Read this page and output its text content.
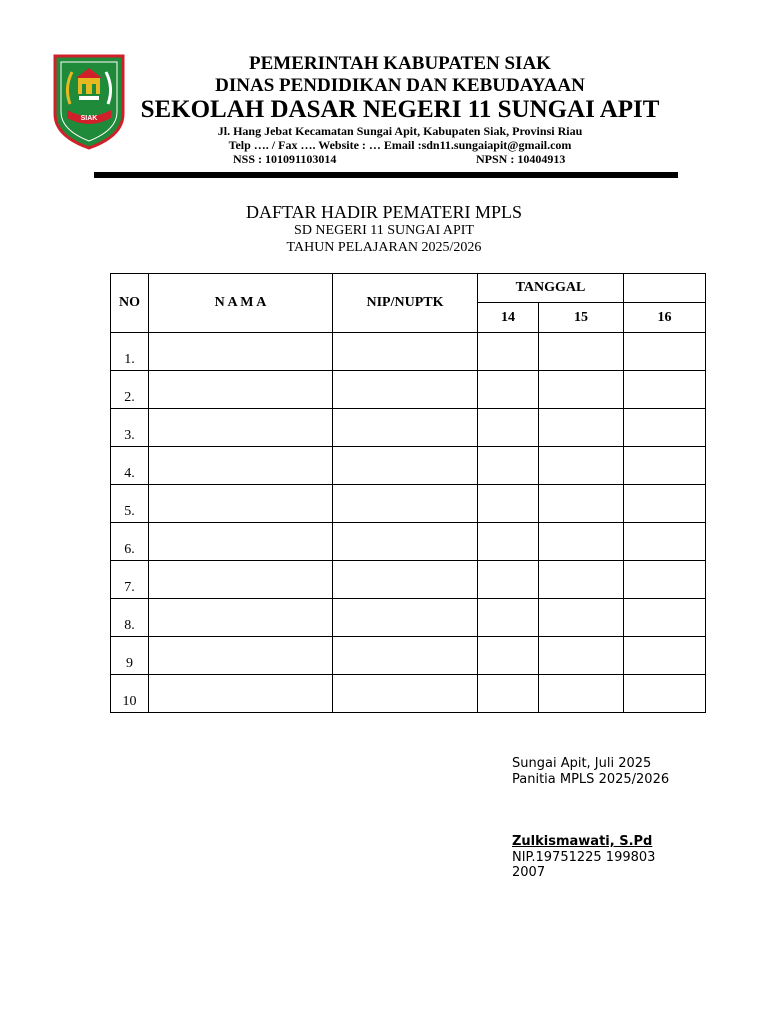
SIAK
PEMERINTAH KABUPATEN SIAK
DINAS PENDIDIKAN DAN KEBUDAYAAN
SEKOLAH DASAR NEGERI 11 SUNGAI APIT
Jl. Hang Jebat Kecamatan Sungai Apit, Kabupaten Siak, Provinsi Riau
Telp …. / Fax …. Website : … Email :sdn11.sungaiapit@gmail.com
NSS : 101091103014	NPSN : 10404913
DAFTAR HADIR PEMATERI MPLS
SD NEGERI 11 SUNGAI APIT
TAHUN PELAJARAN 2025/2026
NO	N A M A	NIP/NUPTK	TANGGAL		
			14	15	16
1.					
2.					
3.					
4.					
5.					
6.					
7.					
8.					
9					
10					
Sungai Apit, Juli 2025
Panitia MPLS 2025/2026
Zulkismawati, S.Pd
NIP.19751225 199803
2007
